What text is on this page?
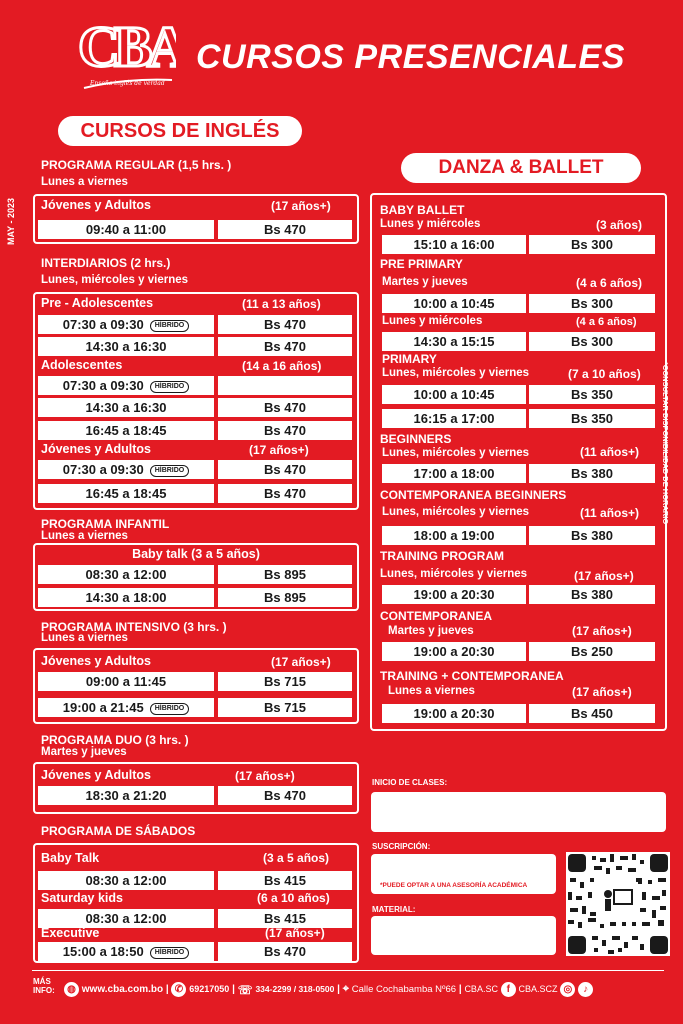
CBA
Enseña inglés de verdad
CURSOS PRESENCIALES
CURSOS DE INGLÉS
DANZA & BALLET
MAY - 2023
*CONSULTAR DISPONIBILIDAD DE HORARIO
PROGRAMA REGULAR (1,5 hrs. )
Lunes a viernes
Jóvenes y Adultos	(17 años+)
09:40 a 11:00	Bs 470
INTERDIARIOS (2 hrs.)
Lunes, miércoles y viernes
Pre - Adolescentes	(11 a 13 años)
07:30 a 09:30 HÍBRIDO	Bs 470
14:30 a 16:30	Bs 470
Adolescentes	(14 a 16 años)
07:30 a 09:30 HÍBRIDO
14:30 a 16:30	Bs 470
16:45 a 18:45	Bs 470
Jóvenes y Adultos	(17 años+)
07:30 a 09:30 HÍBRIDO	Bs 470
16:45 a 18:45	Bs 470
PROGRAMA INFANTIL
Lunes a viernes
Baby talk (3 a 5 años)
08:30 a 12:00	Bs 895
14:30 a 18:00	Bs 895
PROGRAMA INTENSIVO (3 hrs. )
Lunes a viernes
Jóvenes y Adultos	(17 años+)
09:00 a 11:45	Bs 715
19:00 a 21:45 HÍBRIDO	Bs 715
PROGRAMA DUO (3 hrs. )
Martes y jueves
Jóvenes y Adultos	(17 años+)
18:30 a 21:20	Bs 470
PROGRAMA DE SÁBADOS
Baby Talk	(3 a 5 años)
08:30 a 12:00	Bs 415
Saturday kids	(6 a 10 años)
08:30 a 12:00	Bs 415
Executive	(17 años+)
15:00 a 18:50 HÍBRIDO	Bs 470
BABY BALLET
Lunes y miércoles	(3 años)
15:10 a 16:00	Bs 300
PRE PRIMARY
Martes y jueves	(4 a 6 años)
10:00 a 10:45	Bs 300
Lunes y miércoles	(4 a 6 años)
14:30 a 15:15	Bs 300
PRIMARY
Lunes, miércoles y viernes	(7 a 10 años)
10:00 a 10:45	Bs 350
16:15 a 17:00	Bs 350
BEGINNERS
Lunes, miércoles y viernes	(11 años+)
17:00 a 18:00	Bs 380
CONTEMPORANEA BEGINNERS
Lunes, miércoles y viernes	(11 años+)
18:00 a 19:00	Bs 380
TRAINING PROGRAM
Lunes, miércoles y viernes	(17 años+)
19:00 a 20:30	Bs 380
CONTEMPORANEA
Martes y jueves	(17 años+)
19:00 a 20:30	Bs 250
TRAINING + CONTEMPORANEA
Lunes a viernes	(17 años+)
19:00 a 20:30	Bs 450
INICIO DE CLASES:
SUSCRIPCIÓN:
*PUEDE OPTAR A UNA ASESORÍA ACADÉMICA
MATERIAL:
MÁS
INFO:	◍ www.cba.com.bo | ✆ 69217050 | ☏ 334-2299 / 318-0500 | ⌖ Calle Cochabamba Nº66 | CBA.SC f CBA.SCZ ◎ ♪
